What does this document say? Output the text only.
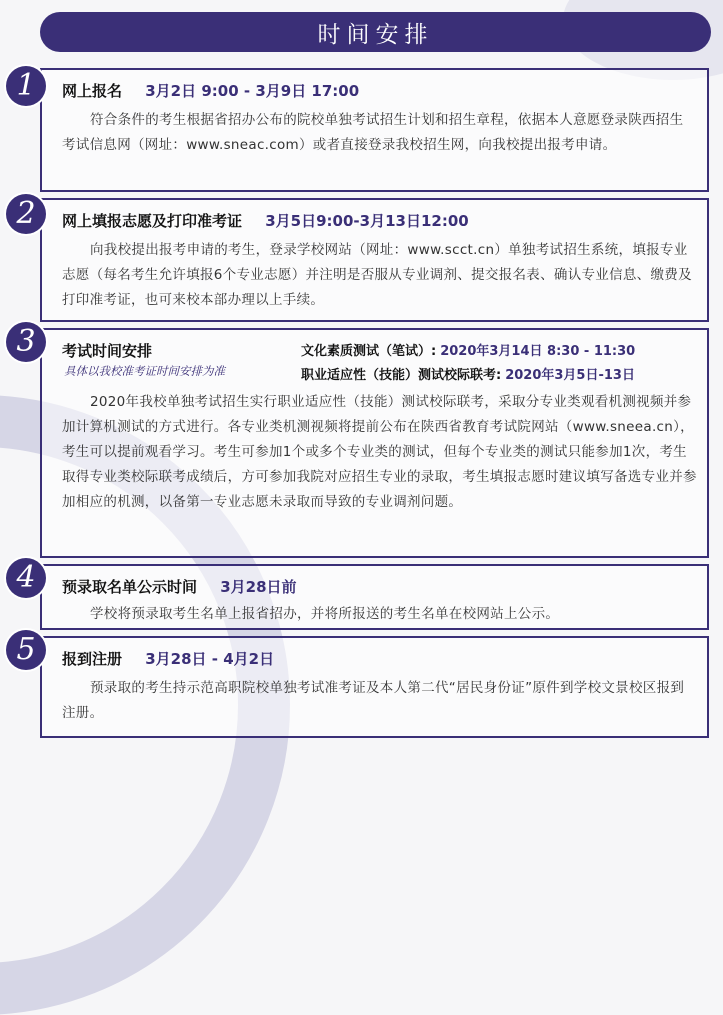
时间安排
网上报名 3月2日 9:00 - 3月9日 17:00
符合条件的考生根据省招办公布的院校单独考试招生计划和招生章程，依据本人意愿登录陕西招生考试信息网（网址：www.sneac.com）或者直接登录我校招生网，向我校提出报考申请。
1
网上填报志愿及打印准考证 3月5日9:00-3月13日12:00
向我校提出报考申请的考生，登录学校网站（网址：www.scct.cn）单独考试招生系统，填报专业志愿（每名考生允许填报6个专业志愿）并注明是否服从专业调剂、提交报名表、确认专业信息、缴费及打印准考证，也可来校本部办理以上手续。
2
考试时间安排
具体以我校准考证时间安排为准
文化素质测试（笔试）: 2020年3月14日 8:30 - 11:30
职业适应性（技能）测试校际联考: 2020年3月5日-13日
2020年我校单独考试招生实行职业适应性（技能）测试校际联考，采取分专业类观看机测视频并参加计算机测试的方式进行。各专业类机测视频将提前公布在陕西省教育考试院网站（www.sneea.cn），考生可以提前观看学习。考生可参加1个或多个专业类的测试，但每个专业类的测试只能参加1次，考生取得专业类校际联考成绩后，方可参加我院对应招生专业的录取，考生填报志愿时建议填写备选专业并参加相应的机测，以备第一专业志愿未录取而导致的专业调剂问题。
3
预录取名单公示时间 3月28日前
学校将预录取考生名单上报省招办，并将所报送的考生名单在校网站上公示。
4
报到注册 3月28日 - 4月2日
预录取的考生持示范高职院校单独考试准考证及本人第二代“居民身份证”原件到学校文景校区报到注册。
5
